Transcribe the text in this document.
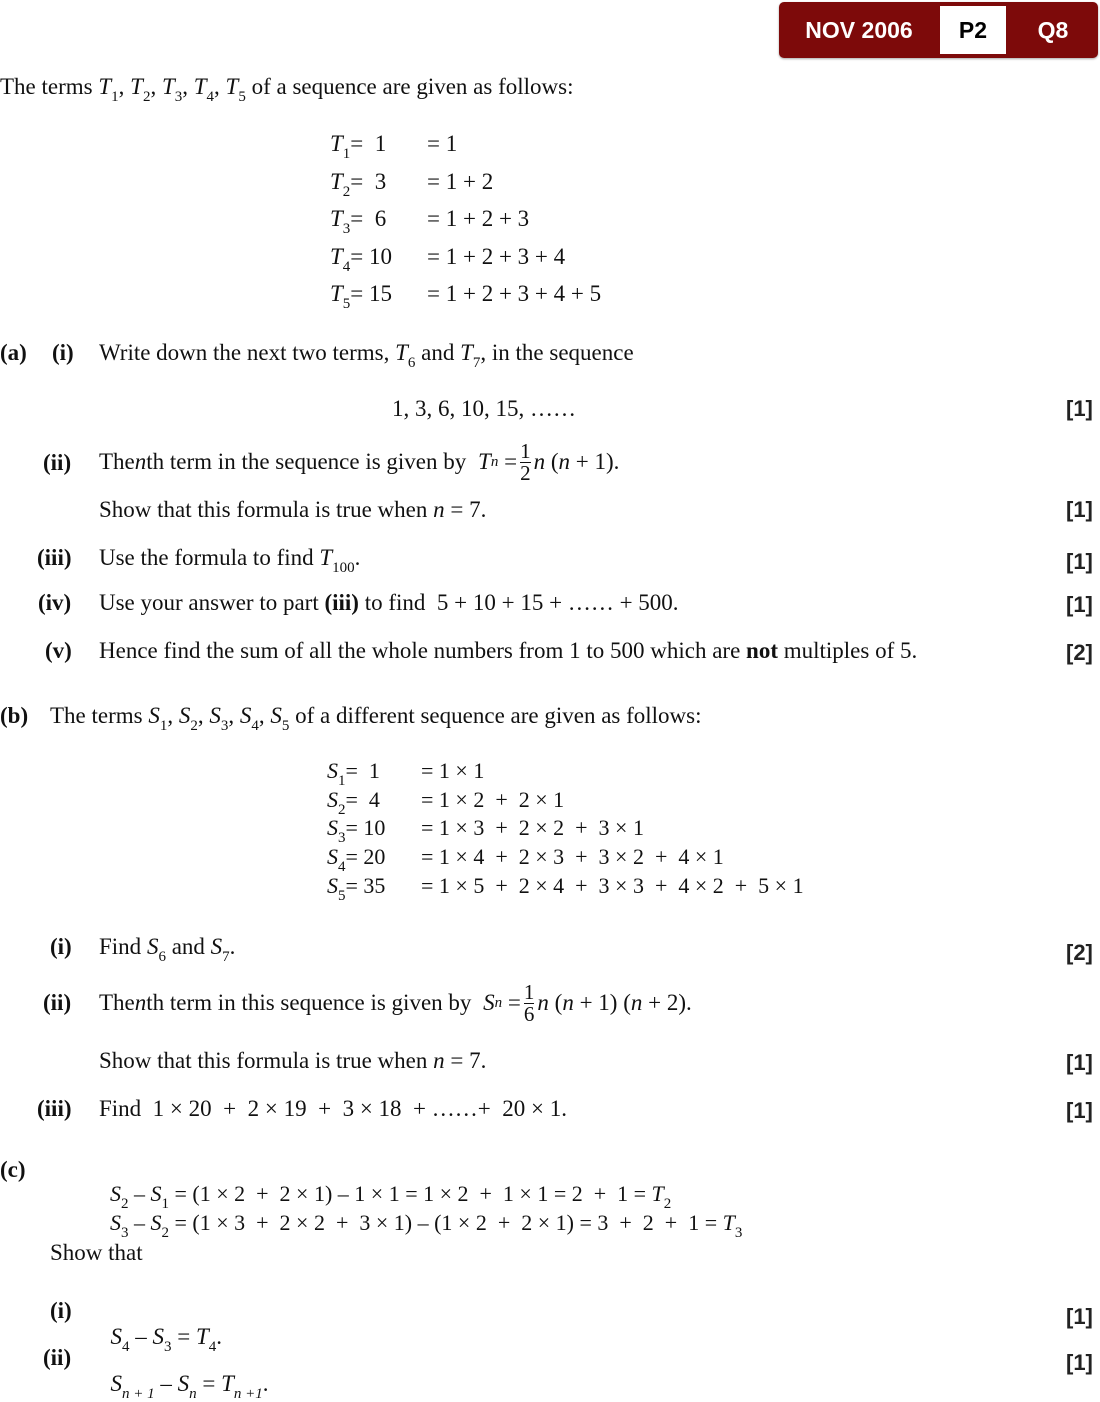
NOV 2006	P2	Q8
The terms $T_1$, $T_2$, $T_3$, $T_4$, $T_5$ of a sequence are given as follows:
$T_1= 1 = 1$
$T_2= 3 = 1 + 2$
$T_3= 6 = 1 + 2 + 3$
$T_4= 10 = 1 + 2 + 3 + 4$
$T_5= 15 = 1 + 2 + 3 + 4 + 5$
(a) (i) Write down the next two terms, $T_6$ and $T_7$, in the sequence
1, 3, 6, 10, 15, ……	[1]
(ii) The n th term in the sequence is given by T $n = \frac{1}{2}$ n ( n + 1).
Show that this formula is true when n = 7.	[1]
(iii) Use the formula to find $T_{100}$.	[1]
(iv) Use your answer to part (iii) to find  5 + 10 + 15 + …… + 500.	[1]
(v) Hence find the sum of all the whole numbers from 1 to 500 which are not multiples of 5.	[2]
(b) The terms $S_1$, $S_2$, $S_3$, $S_4$, $S_5$ of a different sequence are given as follows:
$S_1= 1 = 1 \times 1$
$S_2= 4 = 1 \times 2 + 2 \times 1$
$S_3= 10 = 1 \times 3 + 2 \times 2 + 3 \times 1$
$S_4= 20 = 1 \times 4 + 2 \times 3 + 3 \times 2 + 4 \times 1$
$S_5= 35 = 1 \times 5 + 2 \times 4 + 3 \times 3 + 4 \times 2 + 5 \times 1$
(i) Find $S_6$ and $S_7$.	[2]
(ii) The n th term in this sequence is given by S $n = \frac{1}{6}$ n ( n + 1) ( n + 2).
Show that this formula is true when n = 7.	[1]
(iii) Find  1 × 20  +  2 × 19  +  3 × 18  + ……+  20 × 1.	[1]
(c)

$S_2 - S_1 = (1 \times 2 + 2 \times 1) - 1 \times 1 = 1 \times 2 + 1 \times 1 = 2 + 1 = T_2$

$S_3 - S_2 = (1 \times 3 + 2 \times 2 + 3 \times 1) - (1 \times 2 + 2 \times 1) = 3 + 2 + 1 = T_3$

Show that
(i)

$S_4 - S_3 = T_4$.

[1]
(ii)

$S_{n + 1} - S_n = T_{n +1}$.

[1]
